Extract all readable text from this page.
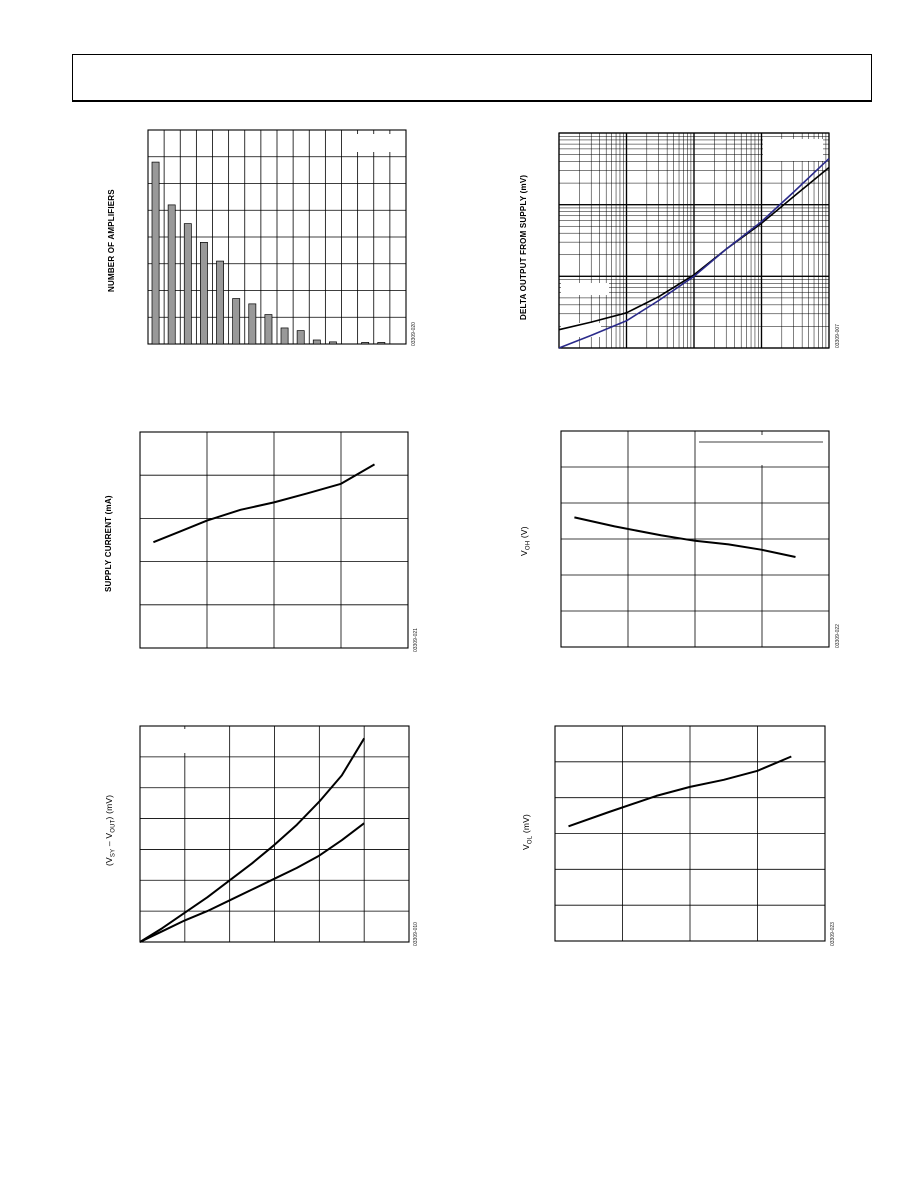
NUMBER OF AMPLIFIERS
03309-020
DELTA OUTPUT FROM SUPPLY (mV)
03309-007
SUPPLY CURRENT (mA)
03309-021
$V_{OH}$ (V)
03309-022
$(V_{SY} - V_{OUT})$ (mV)
03309-010
$V_{OL}$ (mV)
03309-023
